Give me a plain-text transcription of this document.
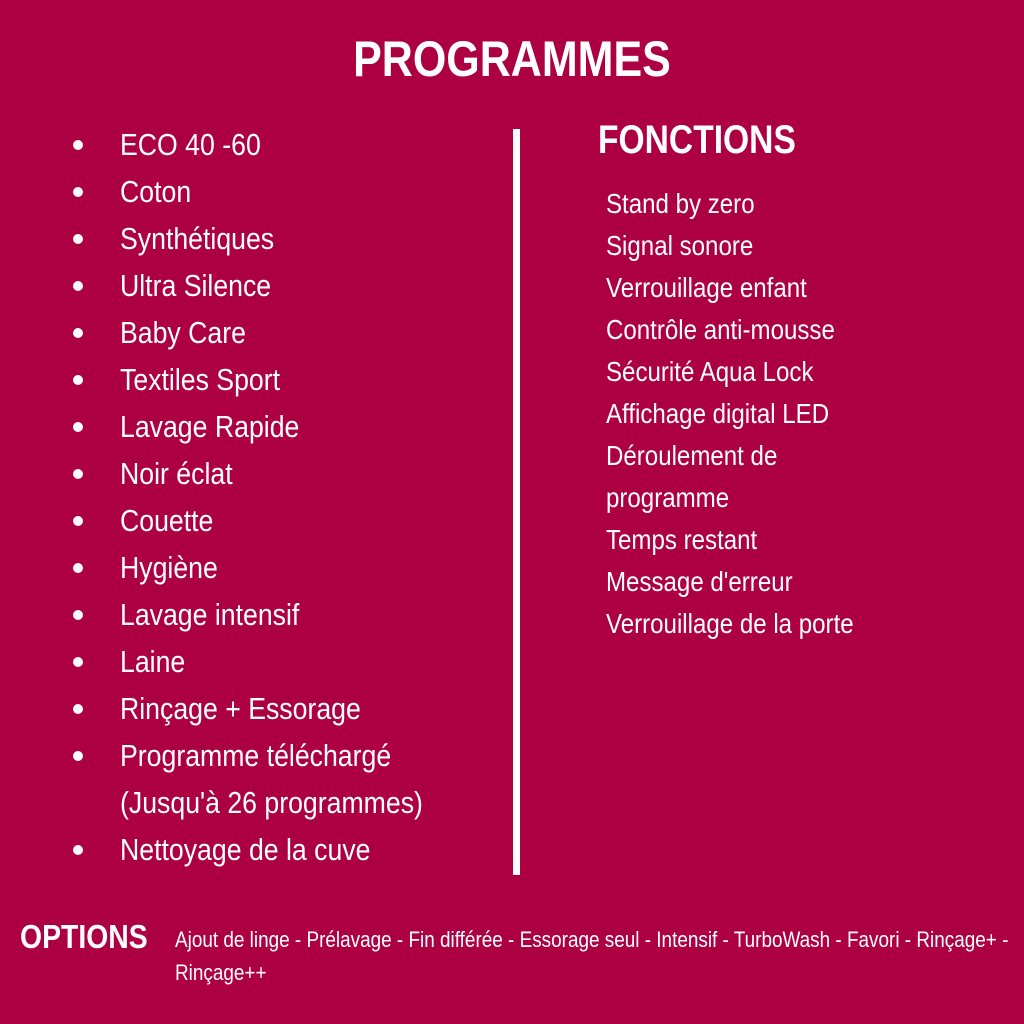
PROGRAMMES
ECO 40 -60
Coton
Synthétiques
Ultra Silence
Baby Care
Textiles Sport
Lavage Rapide
Noir éclat
Couette
Hygiène
Lavage intensif
Laine
Rinçage + Essorage
Programme téléchargé
(Jusqu'à 26 programmes)
Nettoyage de la cuve
FONCTIONS
Stand by zero
Signal sonore
Verrouillage enfant
Contrôle anti-mousse
Sécurité Aqua Lock
Affichage digital LED
Déroulement de
programme
Temps restant
Message d'erreur
Verrouillage de la porte
OPTIONS Ajout de linge - Prélavage - Fin différée - Essorage seul - Intensif - TurboWash - Favori - Rinçage+ - Rinçage++
